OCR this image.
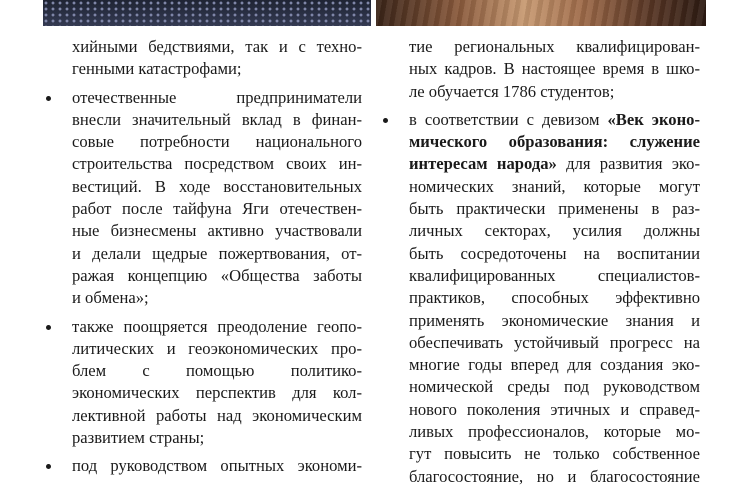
хийными бедствиями, так и с техно-
генными катастрофами;
отечественные предприниматели
внесли значительный вклад в финан-
совые потребности национального
строительства посредством своих ин-
вестиций. В ходе восстановительных
работ после тайфуна Яги отечествен-
ные бизнесмены активно участвовали
и делали щедрые пожертвования, от-
ражая концепцию «Общества заботы
и обмена»;
также поощряется преодоление геопо-
литических и геоэкономических про-
блем с помощью политико-
экономических перспектив для кол-
лективной работы над экономическим
развитием страны;
под руководством опытных экономи-
тие региональных квалифицирован-
ных кадров. В настоящее время в шко-
ле обучается 1786 студентов;
в соответствии с девизом «Век эконо-
мического образования: служение
интересам народа» для развития эко-
номических знаний, которые могут
быть практически применены в раз-
личных секторах, усилия должны
быть сосредоточены на воспитании
квалифицированных специалистов-
практиков, способных эффективно
применять экономические знания и
обеспечивать устойчивый прогресс на
многие годы вперед для создания эко-
номической среды под руководством
нового поколения этичных и справед-
ливых профессионалов, которые мо-
гут повысить не только собственное
благосостояние, но и благосостояние
